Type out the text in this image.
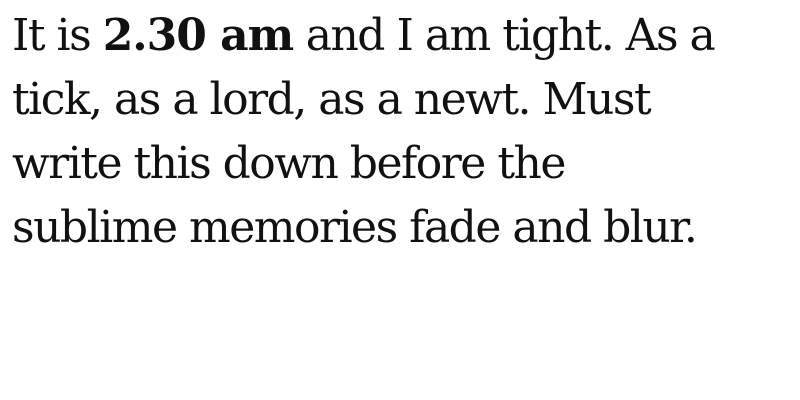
It is 2.30 am and I am tight. As a
tick, as a lord, as a newt. Must
write this down before the
sublime memories fade and blur.
